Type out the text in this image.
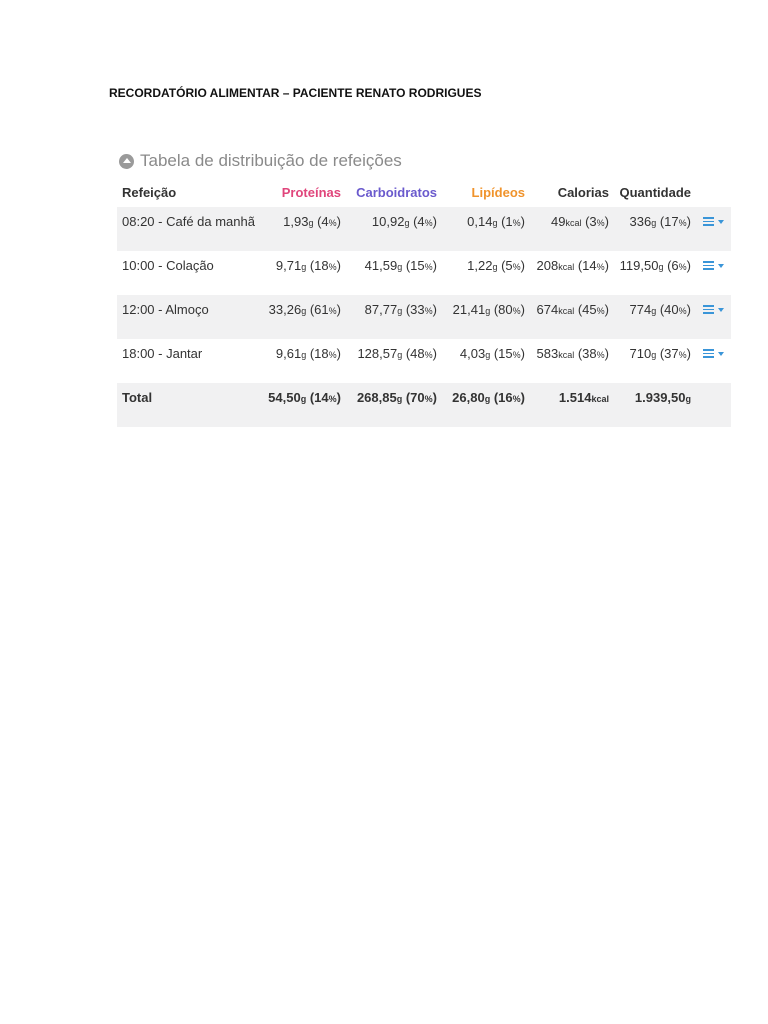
RECORDATÓRIO ALIMENTAR – PACIENTE RENATO RODRIGUES
Tabela de distribuição de refeições
Refeição	Proteínas	Carboidratos	Lipídeos	Calorias Quantidade
08:20 - Café da manhã	1,93g (4%)	10,92g (4%)	0,14g (1%)	49kcal (3%)	336g (17%)
10:00 - Colação	9,71g (18%)	41,59g (15%)	1,22g (5%) 208kcal (14%) 119,50g (6%)
12:00 - Almoço	33,26g (61%)	87,77g (33%)	21,41g (80%) 674kcal (45%)	774g (40%)
18:00 - Jantar	9,61g (18%)	128,57g (48%)	4,03g (15%) 583kcal (38%)	710g (37%)
Total	54,50g (14%)	268,85g (70%)	26,80g (16%)	1.514kcal	1.939,50g
